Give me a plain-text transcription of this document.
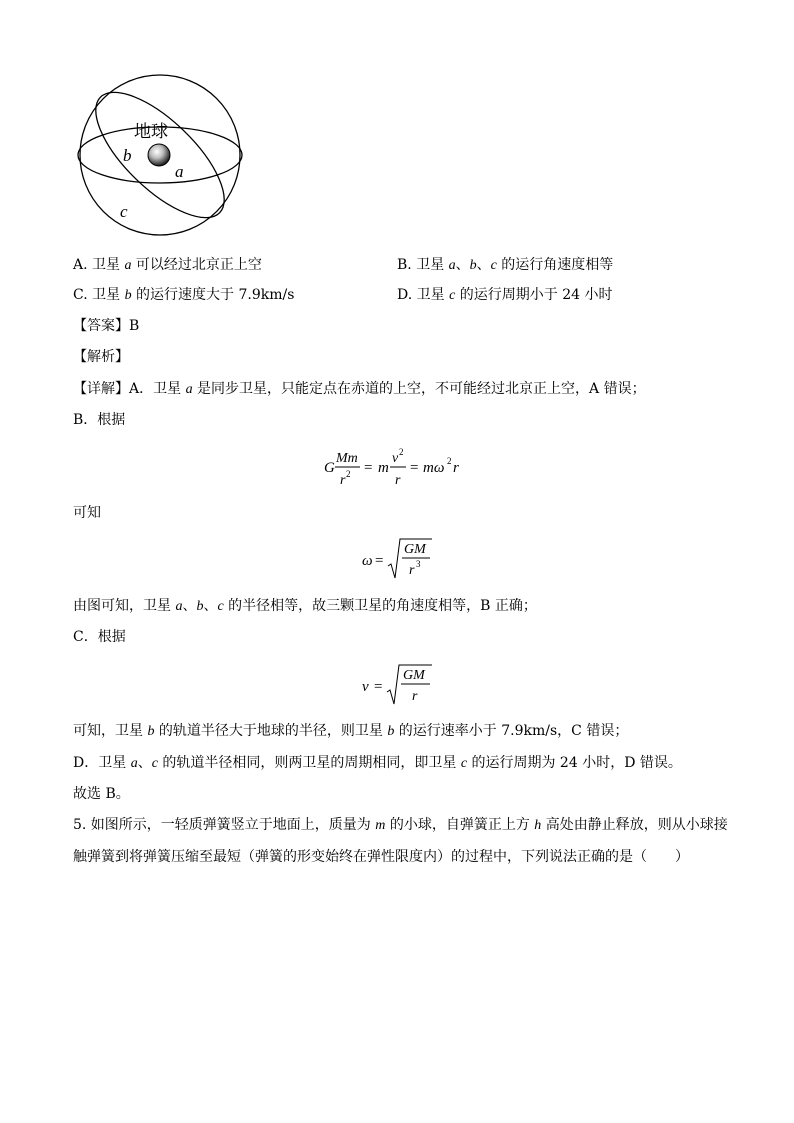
地球
b
a
c
A. 卫星 a 可以经过北京正上空	B. 卫星 a、b、c 的运行角速度相等
C. 卫星 b 的运行速度大于 7.9km/s	D. 卫星 c 的运行周期小于 24 小时
【答案】B
【解析】
【详解】A．卫星 a 是同步卫星，只能定点在赤道的上空，不可能经过北京正上空，A 错误；
B．根据
G
Mm
r 2 = m
v 2
r
= mω 2 r
可知
ω =
GM
r 3
由图可知，卫星 a、b、c 的半径相等，故三颗卫星的角速度相等，B 正确；
C．根据
v =
GM
r
可知，卫星 b 的轨道半径大于地球的半径，则卫星 b 的运行速率小于 7.9km/s，C 错误；
D．卫星 a、c 的轨道半径相同，则两卫星的周期相同，即卫星 c 的运行周期为 24 小时，D 错误。
故选 B。
5. 如图所示，一轻质弹簧竖立于地面上，质量为 m 的小球，自弹簧正上方 h 高处由静止释放，则从小球接
触弹簧到将弹簧压缩至最短（弹簧的形变始终在弹性限度内）的过程中，下列说法正确的是（　　）
